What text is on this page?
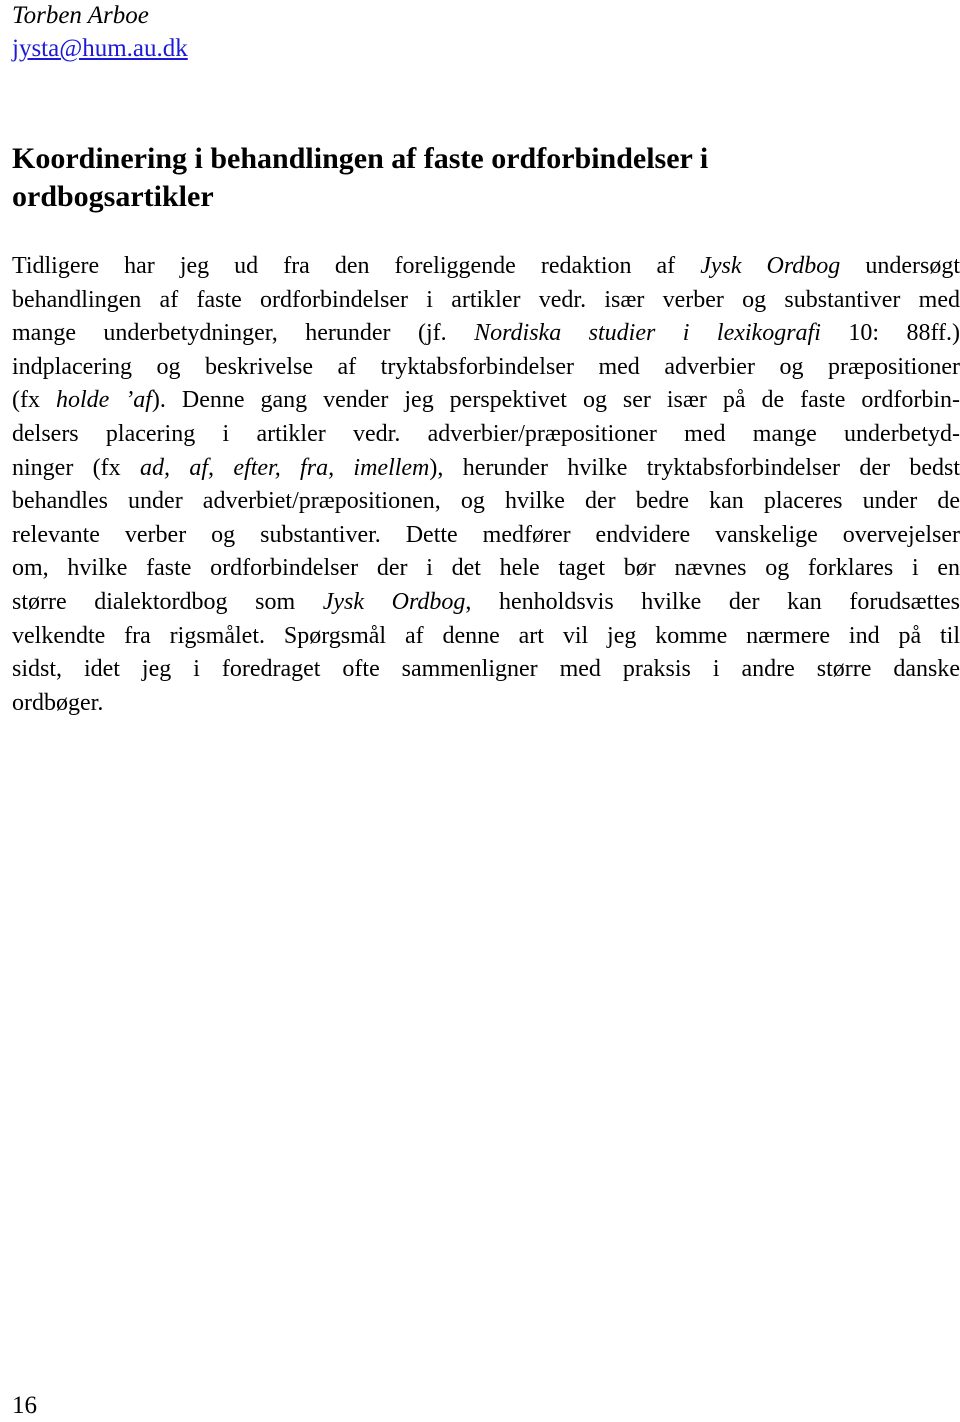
Torben Arboe

jysta@hum.au.dk
Koordinering i behandlingen af faste ordforbindelser i
ordbogsartikler
Tidligere har jeg ud fra den foreliggende redaktion af Jysk Ordbog undersøgt
behandlingen af faste ordforbindelser i artikler vedr. især verber og substantiver med
mange underbetydninger, herunder (jf. Nordiska studier i lexikografi 10: 88ff.)
indplacering og beskrivelse af tryktabsforbindelser med adverbier og præpositioner
(fx holde ’af). Denne gang vender jeg perspektivet og ser især på de faste ordforbin-
delsers placering i artikler vedr. adverbier/præpositioner med mange underbetyd-
ninger (fx ad, af, efter, fra, imellem), herunder hvilke tryktabsforbindelser der bedst
behandles under adverbiet/præpositionen, og hvilke der bedre kan placeres under de
relevante verber og substantiver. Dette medfører endvidere vanskelige overvejelser
om, hvilke faste ordforbindelser der i det hele taget bør nævnes og forklares i en
større dialektordbog som Jysk Ordbog, henholdsvis hvilke der kan forudsættes
velkendte fra rigsmålet. Spørgsmål af denne art vil jeg komme nærmere ind på til
sidst, idet jeg i foredraget ofte sammenligner med praksis i andre større danske
ordbøger.

16
